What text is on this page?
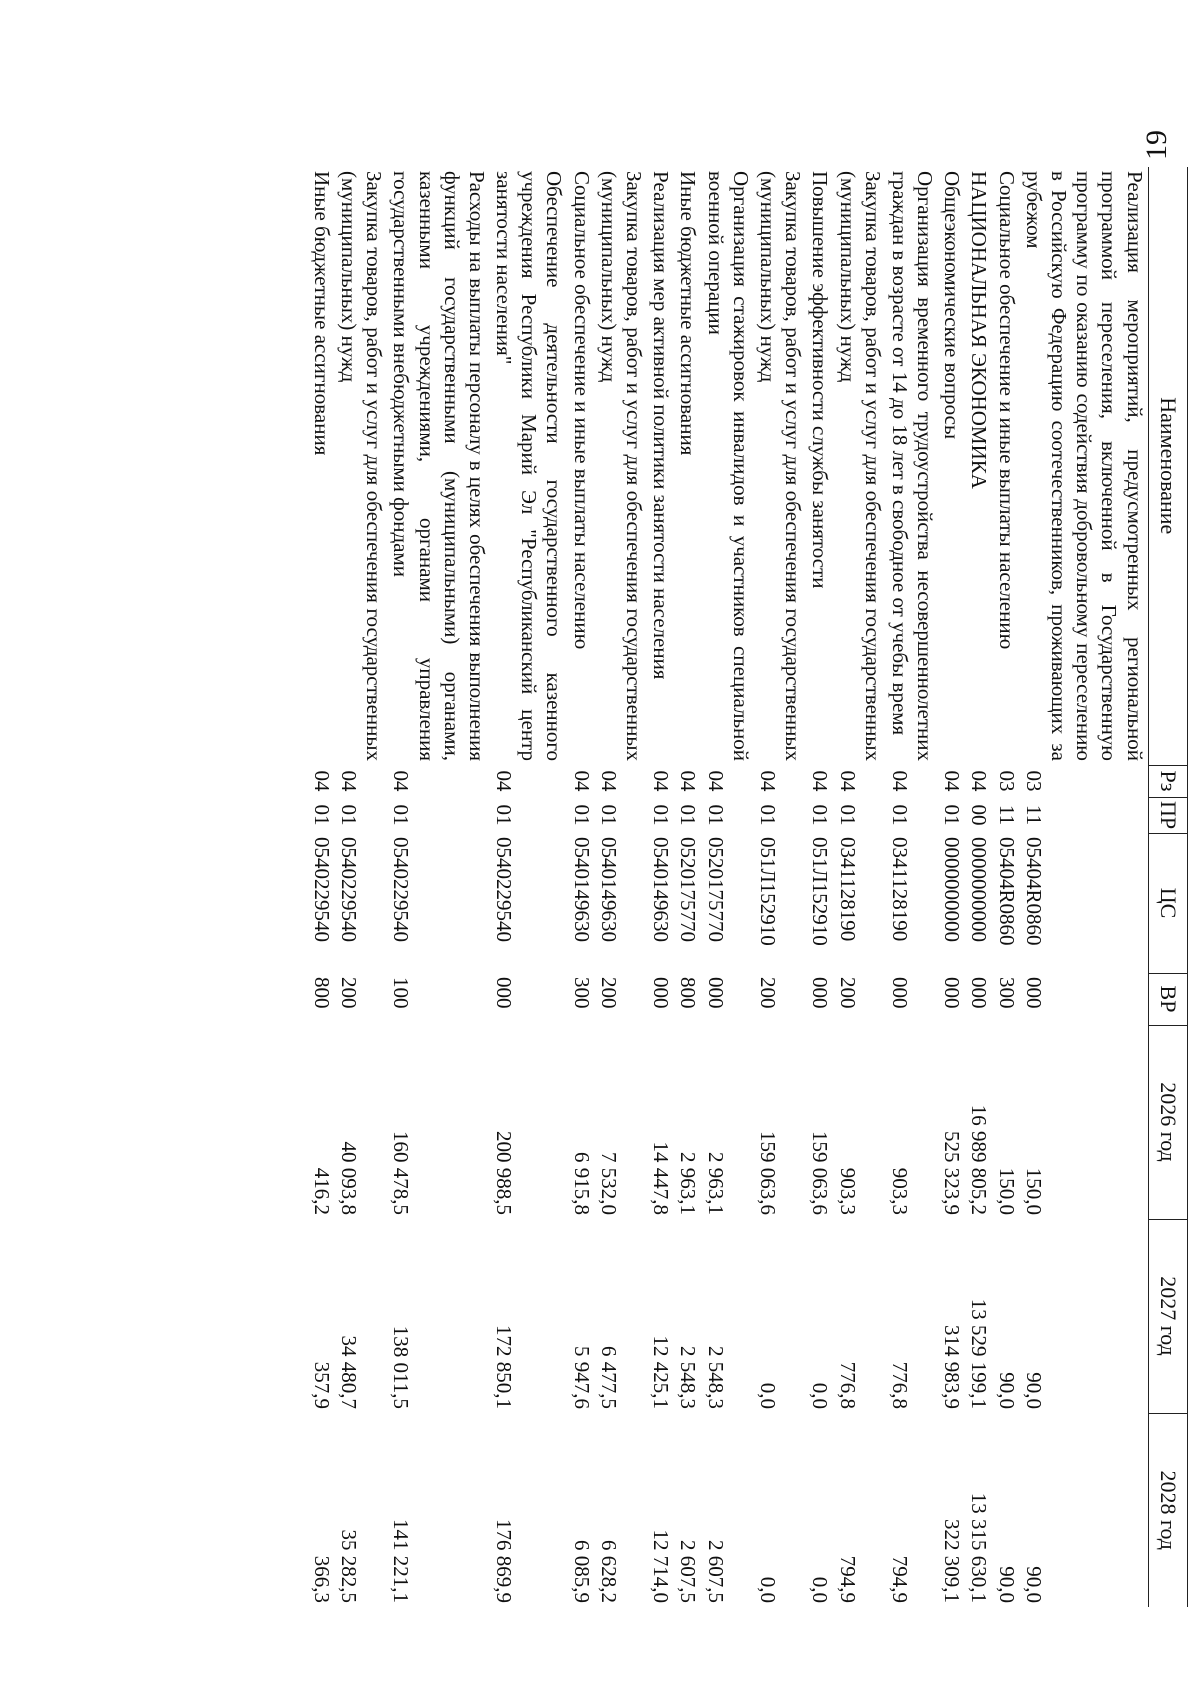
19
Наименование	Рз	ПР	ЦС	ВР	2026 год	2027 год	2028 год
Реализация мероприятий, предусмотренных региональной программой переселения, включенной в Государственную программу по оказанию содействия добровольному переселению в Российскую Федерацию соотечественников, проживающих за рубежом	03	11	05404R0860	000	150,0	90,0	90,0
Социальное обеспечение и иные выплаты населению	03	11	05404R0860	300	150,0	90,0	90,0
НАЦИОНАЛЬНАЯ ЭКОНОМИКА	04	00	0000000000	000	16 989 805,2	13 529 199,1	13 315 630,1
Общеэкономические вопросы	04	01	0000000000	000	525 323,9	314 983,9	322 309,1
Организация временного трудоустройства несовершеннолетних граждан в возрасте от 14 до 18 лет в свободное от учебы время	04	01	0341128190	000	903,3	776,8	794,9
Закупка товаров, работ и услуг для обеспечения государственных (муниципальных) нужд	04	01	0341128190	200	903,3	776,8	794,9
Повышение эффективности службы занятости	04	01	051Л152910	000	159 063,6	0,0	0,0
Закупка товаров, работ и услуг для обеспечения государственных (муниципальных) нужд	04	01	051Л152910	200	159 063,6	0,0	0,0
Организация стажировок инвалидов и участников специальной военной операции	04	01	0520175770	000	2 963,1	2 548,3	2 607,5
Иные бюджетные ассигнования	04	01	0520175770	800	2 963,1	2 548,3	2 607,5
Реализация мер активной политики занятости населения	04	01	0540149630	000	14 447,8	12 425,1	12 714,0
Закупка товаров, работ и услуг для обеспечения государственных (муниципальных) нужд	04	01	0540149630	200	7 532,0	6 477,5	6 628,2
Социальное обеспечение и иные выплаты населению	04	01	0540149630	300	6 915,8	5 947,6	6 085,9
Обеспечение деятельности государственного казенного учреждения Республики Марий Эл "Республиканский центр занятости населения"	04	01	0540229540	000	200 988,5	172 850,1	176 869,9
Расходы на выплаты персоналу в целях обеспечения выполнения функций государственными (муниципальными) органами, казенными учреждениями, органами управления государственными внебюджетными фондами	04	01	0540229540	100	160 478,5	138 011,5	141 221,1
Закупка товаров, работ и услуг для обеспечения государственных (муниципальных) нужд	04	01	0540229540	200	40 093,8	34 480,7	35 282,5
Иные бюджетные ассигнования	04	01	0540229540	800	416,2	357,9	366,3
